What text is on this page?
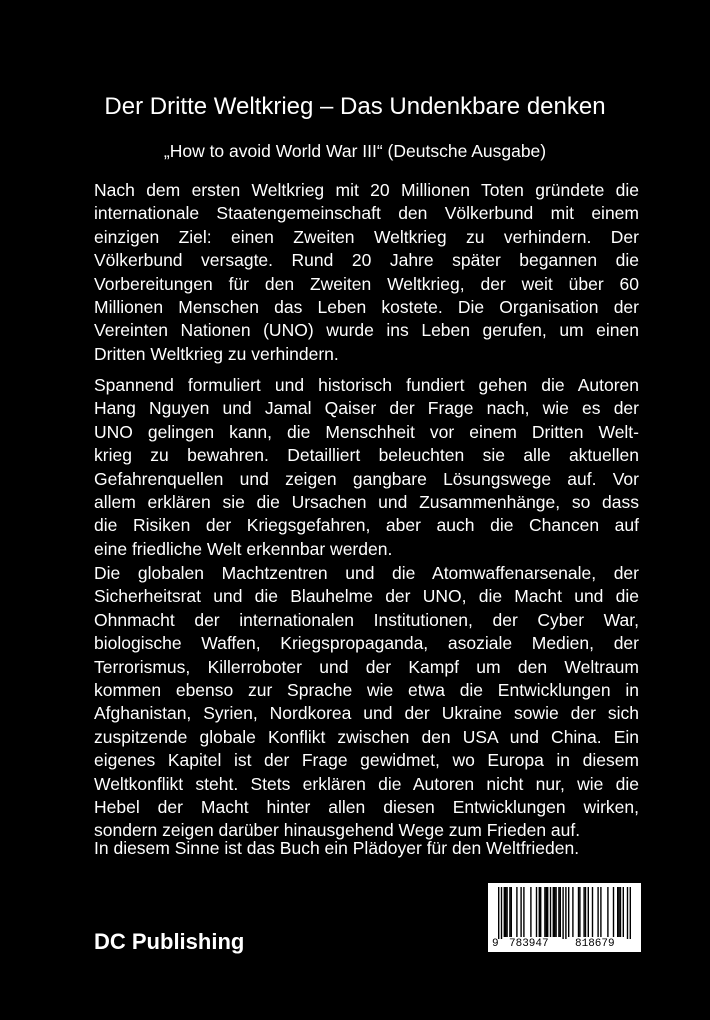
Der Dritte Weltkrieg – Das Undenkbare denken
„How to avoid World War III“ (Deutsche Ausgabe)
Nach dem ersten Weltkrieg mit 20 Millionen Toten gründete die
internationale Staatengemeinschaft den Völkerbund mit einem
einzigen Ziel: einen Zweiten Weltkrieg zu verhindern. Der
Völkerbund versagte. Rund 20 Jahre später begannen die
Vorbereitungen für den Zweiten Weltkrieg, der weit über 60
Millionen Menschen das Leben kostete. Die Organisation der
Vereinten Nationen (UNO) wurde ins Leben gerufen, um einen
Dritten Weltkrieg zu verhindern.
Spannend formuliert und historisch fundiert gehen die Autoren
Hang Nguyen und Jamal Qaiser der Frage nach, wie es der
UNO gelingen kann, die Menschheit vor einem Dritten Welt-
krieg zu bewahren. Detailliert beleuchten sie alle aktuellen
Gefahrenquellen und zeigen gangbare Lösungswege auf. Vor
allem erklären sie die Ursachen und Zusammenhänge, so dass
die Risiken der Kriegsgefahren, aber auch die Chancen auf
eine friedliche Welt erkennbar werden.
Die globalen Machtzentren und die Atomwaffenarsenale, der
Sicherheitsrat und die Blauhelme der UNO, die Macht und die
Ohnmacht der internationalen Institutionen, der Cyber War,
biologische Waffen, Kriegspropaganda, asoziale Medien, der
Terrorismus, Killerroboter und der Kampf um den Weltraum
kommen ebenso zur Sprache wie etwa die Entwicklungen in
Afghanistan, Syrien, Nordkorea und der Ukraine sowie der sich
zuspitzende globale Konflikt zwischen den USA und China. Ein
eigenes Kapitel ist der Frage gewidmet, wo Europa in diesem
Weltkonflikt steht. Stets erklären die Autoren nicht nur, wie die
Hebel der Macht hinter allen diesen Entwicklungen wirken,
sondern zeigen darüber hinausgehend Wege zum Frieden auf.
In diesem Sinne ist das Buch ein Plädoyer für den Weltfrieden.
DC Publishing	9 783947 818679
